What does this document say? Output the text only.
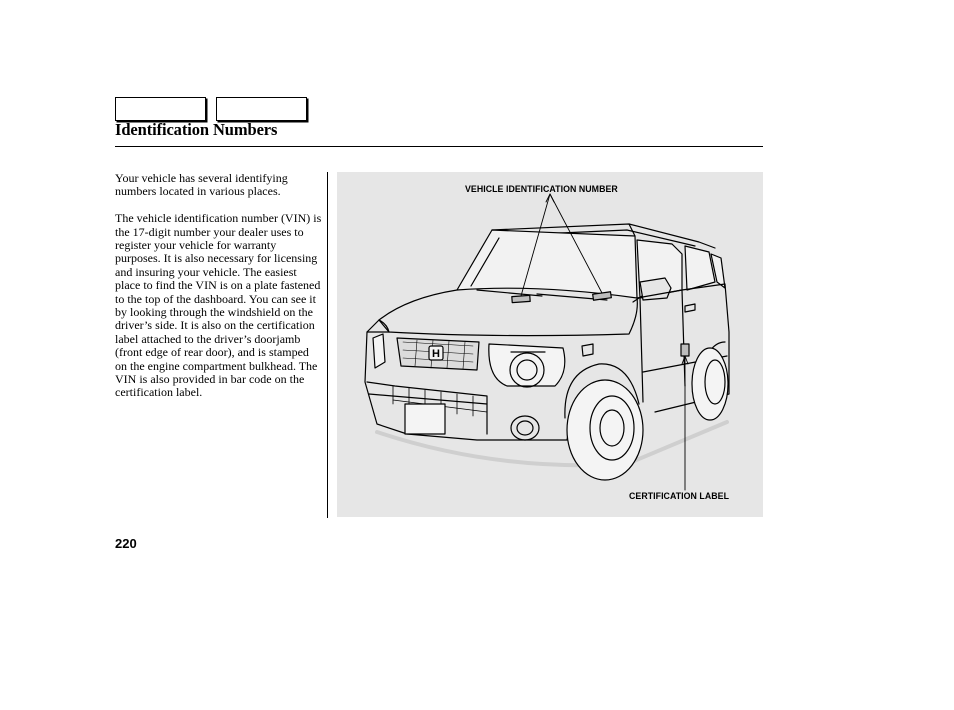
Identification Numbers

Your vehicle has several identifying numbers located in various places.

The vehicle identification number (VIN) is the 17-digit number your dealer uses to register your vehicle for warranty purposes. It is also necessary for licensing and insuring your vehicle. The easiest place to find the VIN is on a plate fastened to the top of the dashboard. You can see it by looking through the windshield on the driver’s side. It is also on the certification label attached to the driver’s doorjamb (front edge of rear door), and is stamped on the engine compartment bulkhead. The VIN is also provided in bar code on the certification label.

H
VEHICLE IDENTIFICATION NUMBER
CERTIFICATION LABEL
220
